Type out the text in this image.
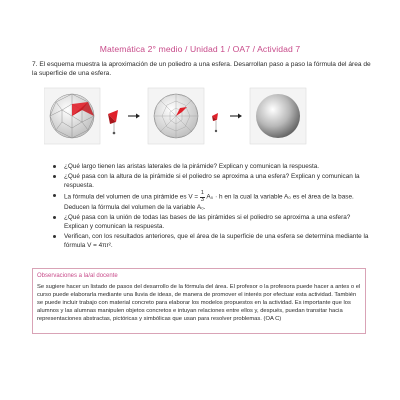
Matemática 2° medio / Unidad 1 / OA7 / Actividad 7
7. El esquema muestra la aproximación de un poliedro a una esfera. Desarrollan paso a paso la fórmula del área de la superficie de una esfera.
¿Qué largo tienen las aristas laterales de la pirámide? Explican y comunican la respuesta.
¿Qué pasa con la altura de la pirámide si el poliedro se aproxima a una esfera? Explican y comunican la respuesta.
La fórmula del volumen de una pirámide es $V = \frac{1}{3} A_0 \cdot h$ en la cual la variable A₀ es el área de la base. Deducen la fórmula del volumen de la variable A₀.
¿Qué pasa con la unión de todas las bases de las pirámides si el poliedro se aproxima a una esfera? Explican y comunican la respuesta.
Verifican, con los resultados anteriores, que el área de la superficie de una esfera se determina mediante la fórmula V = 4πr².
Observaciones a la/al docente
Se sugiere hacer un listado de pasos del desarrollo de la fórmula del área. El profesor o la profesora puede hacer a antes o el curso puede elaborarla mediante una lluvia de ideas, de manera de promover el interés por efectuar esta actividad. También se puede incluir trabajo con material concreto para elaborar los modelos propuestos en la actividad. Es importante que los alumnos y las alumnas manipulen objetos concretos e intuyan relaciones entre ellos y, después, puedan transitar hacia representaciones abstractas, pictóricas y simbólicas que usan para resolver problemas. (OA C)
